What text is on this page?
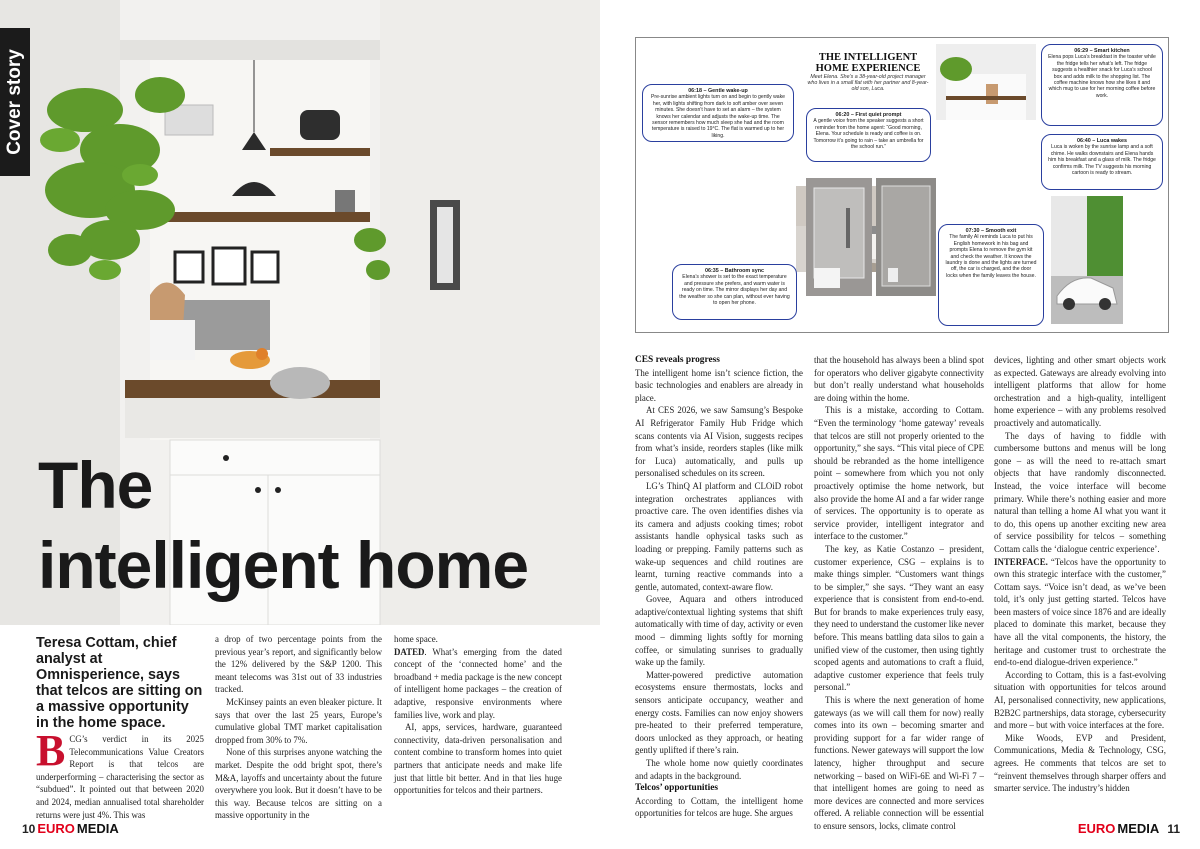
Cover story
The
intelligent home
Teresa Cottam, chief analyst at Omnisperience, says that telcos are sitting on a massive opportunity in the home space.
B CG’s verdict in its 2025 Telecommunications Value Creators Report is that telcos are underperforming – characterising the sector as “subdued”. It pointed out that between 2020 and 2024, median annualised total shareholder returns were just 4%. This was

a drop of two percentage points from the previous year’s report, and significantly below the 12% delivered by the S&P 1200. This meant telecoms was 31st out of 33 industries tracked.

McKinsey paints an even bleaker picture. It says that over the last 25 years, Europe’s cumulative global TMT market capitalisation dropped from 30% to 7%.

None of this surprises anyone watching the market. Despite the odd bright spot, there’s M&A, layoffs and uncertainty about the future overywhere you look. But it doesn’t have to be this way. Because telcos are sitting on a massive opportunity in the

home space.

DATED. What’s emerging from the dated concept of the ‘connected home’ and the broadband + media package is the new concept of intelligent home packages – the creation of adaptive, responsive environments where families live, work and play.

AI, apps, services, hardware, guaranteed connectivity, data-driven personalisation and content combine to transform homes into quiet partners that anticipate needs and make life just that little bit better. And in that lies huge opportunities for telcos and their partners.

10 EURO MEDIA
THE INTELLIGENT HOME EXPERIENCE
Meet Elena. She’s a 38-year-old project manager who lives in a small flat with her partner and 8-year-old son, Luca.
06:18 – Gentle wake-up
Pre-sunrise ambient lights turn on and begin to gently wake her, with lights shifting from dark to soft amber over seven minutes. She doesn’t have to set an alarm – the system knows her calendar and adjusts the wake-up time. The sensor remembers how much sleep she had and the room temperature is raised to 19°C. The flat is warmed up to her liking.
06:20 – First quiet prompt
A gentle voice from the speaker suggests a short reminder from the home agent: “Good morning, Elena. Your schedule is ready and coffee is on. Tomorrow it’s going to rain – take an umbrella for the school run.”
06:29 – Smart kitchen
Elena pops Luca’s breakfast in the toaster while the fridge tells her what’s left. The fridge suggests a healthier snack for Luca’s school box and adds milk to the shopping list. The coffee machine knows how she likes it and which mug to use for her morning coffee before work.
06:35 – Bathroom sync
Elena’s shower is set to the exact temperature and pressure she prefers, and warm water is ready on time. The mirror displays her day and the weather so she can plan, without ever having to open her phone.
06:40 – Luca wakes
Luca is woken by the sunrise lamp and a soft chime. He walks downstairs and Elena hands him his breakfast and a glass of milk. The fridge confirms milk. The TV suggests his morning cartoon is ready to stream.
07:30 – Smooth exit
The family AI reminds Luca to put his English homework in his bag and prompts Elena to remove the gym kit and check the weather. It knows the laundry is done and the lights are turned off, the car is charged, and the door locks when the family leaves the house.
CES reveals progress

The intelligent home isn’t science fiction, the basic technologies and enablers are already in place.

At CES 2026, we saw Samsung’s Bespoke AI Refrigerator Family Hub Fridge which scans contents via AI Vision, suggests recipes from what’s inside, reorders staples (like milk for Luca) automatically, and pulls up personalised schedules on its screen.

LG’s ThinQ AI platform and CLOiD robot integration orchestrates appliances with proactive care. The oven identifies dishes via its camera and adjusts cooking times; robot assistants handle ophysical tasks such as loading or prepping. Family patterns such as wake-up sequences and child routines are learnt, turning reactive commands into a gentle, automated, context-aware flow.

Govee, Aquara and others introduced adaptive/contextual lighting systems that shift automatically with time of day, activity or even mood – dimming lights softly for morning coffee, or simulating sunrises to gradually wake up the family.

Matter-powered predictive automation ecosystems ensure thermostats, locks and sensors anticipate occupancy, weather and energy costs. Families can now enjoy showers pre-heated to their preferred temperature, doors unlocked as they approach, or heating gently uplifted if there’s rain.

The whole home now quietly coordinates and adapts in the background.

Telcos’ opportunities

According to Cottam, the intelligent home opportunities for telcos are huge. She argues

that the household has always been a blind spot for operators who deliver gigabyte connectivity but don’t really understand what households are doing within the home.

This is a mistake, according to Cottam. “Even the terminology ‘home gateway’ reveals that telcos are still not properly oriented to the opportunity,” she says. “This vital piece of CPE should be rebranded as the home intelligence point – somewhere from which you not only proactively optimise the home network, but also provide the home AI and a far wider range of services. The opportunity is to operate as service provider, intelligent integrator and interface to the customer.”

The key, as Katie Costanzo – president, customer experience, CSG – explains is to make things simpler. “Customers want things to be simpler,” she says. “They want an easy experience that is consistent from end-to-end. But for brands to make experiences truly easy, they need to understand the customer like never before. This means battling data silos to gain a unified view of the customer, then using tightly scoped agents and automations to craft a fluid, adaptive customer experience that feels truly personal.”

This is where the next generation of home gateways (as we will call them for now) really comes into its own – becoming smarter and providing support for a far wider range of functions. Newer gateways will support the low latency, higher throughput and secure networking – based on WiFi-6E and Wi-Fi 7 – that intelligent homes are going to need as more devices are connected and more services offered. A reliable connection will be essential to ensure sensors, locks, climate control

devices, lighting and other smart objects work as expected. Gateways are already evolving into intelligent platforms that allow for home orchestration and a high-quality, intelligent home experience – with any problems resolved proactively and automatically.

The days of having to fiddle with cumbersome buttons and menus will be long gone – as will the need to re-attach smart objects that have randomly disconnected. Instead, the voice interface will become primary. While there’s nothing easier and more natural than telling a home AI what you want it to do, this opens up another exciting new area of service possibility for telcos – something Cottam calls the ‘dialogue centric experience’.

INTERFACE. “Telcos have the opportunity to own this strategic interface with the customer,” Cottam says. “Voice isn’t dead, as we’ve been told, it’s only just getting started. Telcos have been masters of voice since 1876 and are ideally placed to dominate this market, because they have all the vital components, the history, the heritage and customer trust to orchestrate the end-to-end dialogue-driven experience.”

According to Cottam, this is a fast-evolving situation with opportunities for telcos around AI, personalised connectivity, new applications, B2B2C partnerships, data storage, cybersecurity and more – but with voice interfaces at the fore.

Mike Woods, EVP and President, Communications, Media & Technology, CSG, agrees. He comments that telcos are set to “reinvent themselves through sharper offers and smarter service. The industry’s hidden

EURO MEDIA 11
